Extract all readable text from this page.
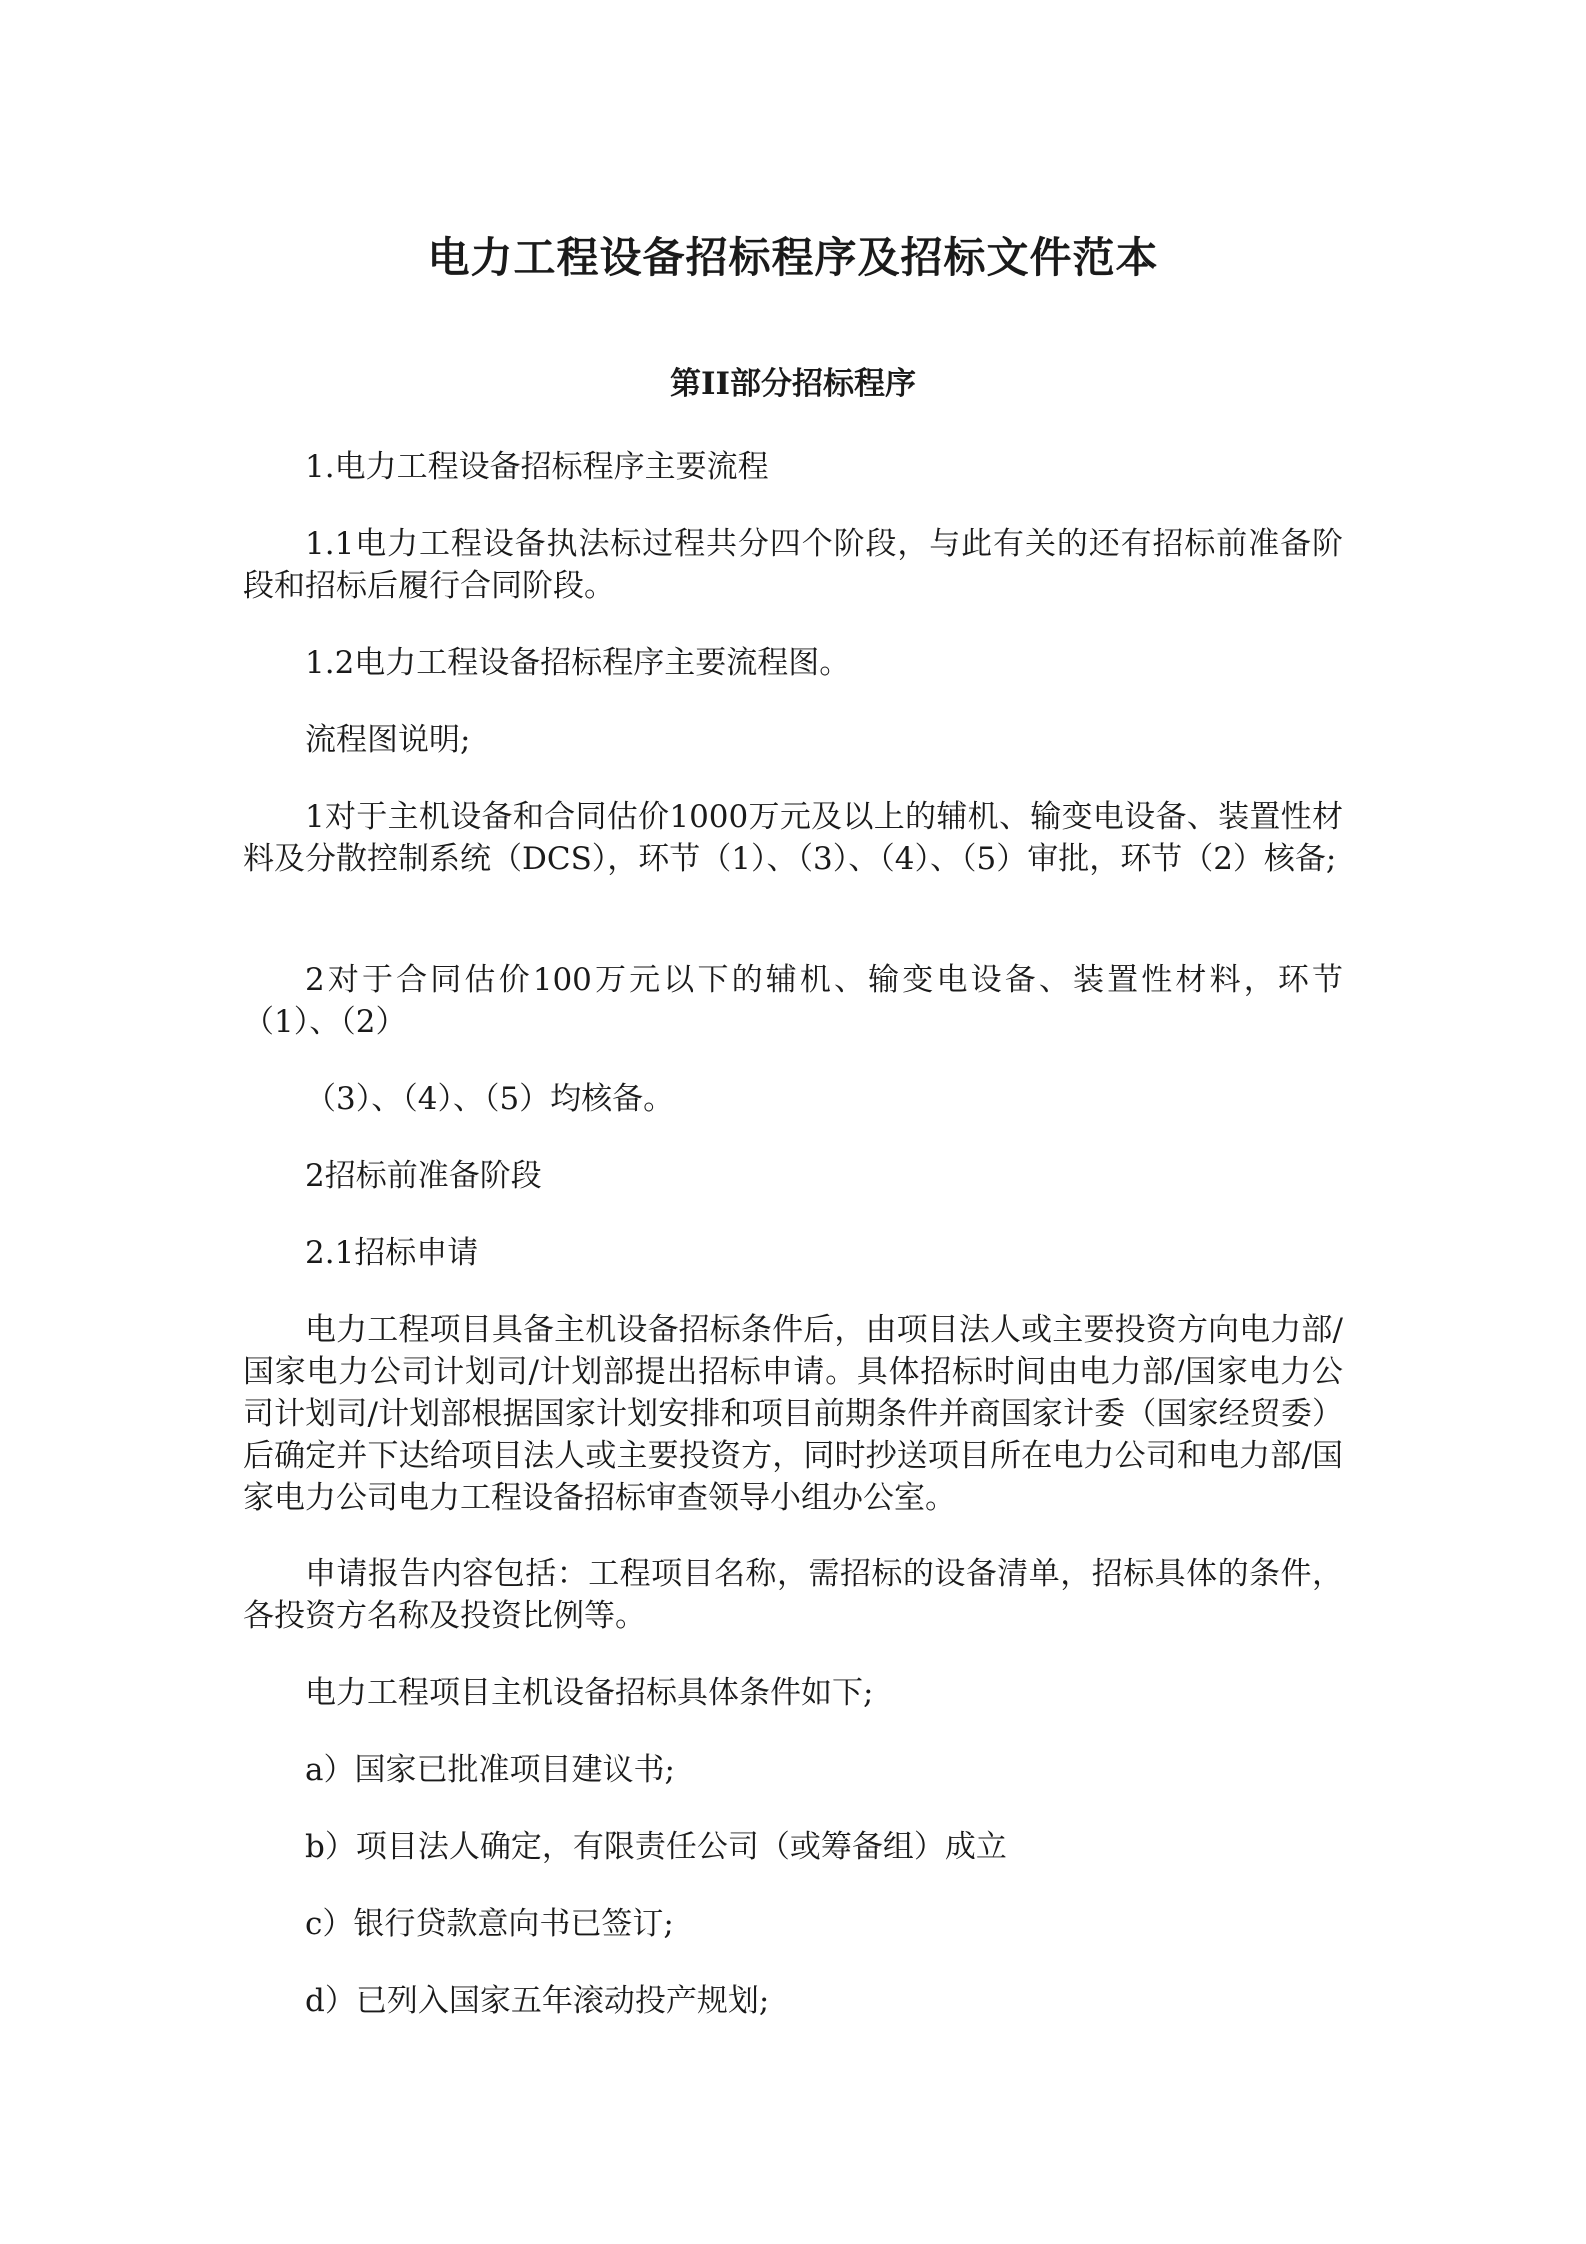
电力工程设备招标程序及招标文件范本
第II部分招标程序

1.电力工程设备招标程序主要流程

1.1电力工程设备执法标过程共分四个阶段，与此有关的还有招标前准备阶段和招标后履行合同阶段。

1.2电力工程设备招标程序主要流程图。

流程图说明;

1对于主机设备和合同估价1000万元及以上的辅机、输变电设备、装置性材料及分散控制系统（DCS），环节（1）、（3）、（4）、（5）审批，环节（2）核备;

2对于合同估价100万元以下的辅机、输变电设备、装置性材料，环节（1）、（2）

（3）、（4）、（5）均核备。

2招标前准备阶段

2.1招标申请

电力工程项目具备主机设备招标条件后，由项目法人或主要投资方向电力部/国家电力公司计划司/计划部提出招标申请。具体招标时间由电力部/国家电力公司计划司/计划部根据国家计划安排和项目前期条件并商国家计委（国家经贸委）后确定并下达给项目法人或主要投资方，同时抄送项目所在电力公司和电力部/国家电力公司电力工程设备招标审查领导小组办公室。

申请报告内容包括：工程项目名称，需招标的设备清单，招标具体的条件，各投资方名称及投资比例等。

电力工程项目主机设备招标具体条件如下;

a）国家已批准项目建议书;

b）项目法人确定，有限责任公司（或筹备组）成立

c）银行贷款意向书已签订;

d）已列入国家五年滚动投产规划;
